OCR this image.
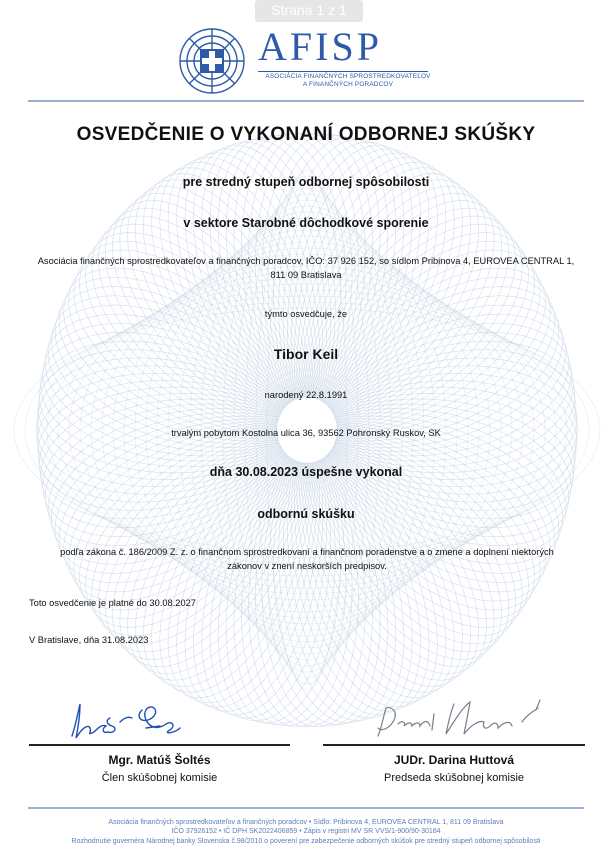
Strana 1 z 1
AFISP
ASOCIÁCIA FINANČNÝCH SPROSTREDKOVATEĽOV
A FINANČNÝCH PORADCOV
OSVEDČENIE O VYKONANÍ ODBORNEJ SKÚŠKY
pre stredný stupeň odbornej spôsobilosti
v sektore Starobné dôchodkové sporenie
Asociácia finančných sprostredkovateľov a finančných poradcov, IČO: 37 926 152, so sídlom Pribinova 4, EUROVEA CENTRAL 1, 811 09 Bratislava
týmto osvedčuje, že
Tibor Keil
narodený 22.8.1991
trvalým pobytom Kostolna ulica 36, 93562 Pohronský Ruskov, SK
dňa 30.08.2023 úspešne vykonal
odbornú skúšku
podľa zákona č. 186/2009 Z. z. o finančnom sprostredkovaní a finančnom poradenstve a o zmene a doplnení niektorých zákonov v znení neskorších predpisov.
Toto osvedčenie je platné do 30.08.2027
V Bratislave, dňa 31.08.2023
Mgr. Matúš Šoltés
Člen skúšobnej komisie
JUDr. Darina Huttová
Predseda skúšobnej komisie
Asociácia finančných sprostredkovateľov a finančných poradcov • Sídlo: Pribinova 4, EUROVEA CENTRAL 1, 811 09 Bratislava
IČO 37926152 • IČ DPH SK2022406859 • Zápis v registri MV SR VVS/1-900/90-30184
Rozhodnutie guvernéra Národnej banky Slovenska č.98/2010 o poverení pre zabezpečenie odborných skúšok pre stredný stupeň odbornej spôsobilosti
